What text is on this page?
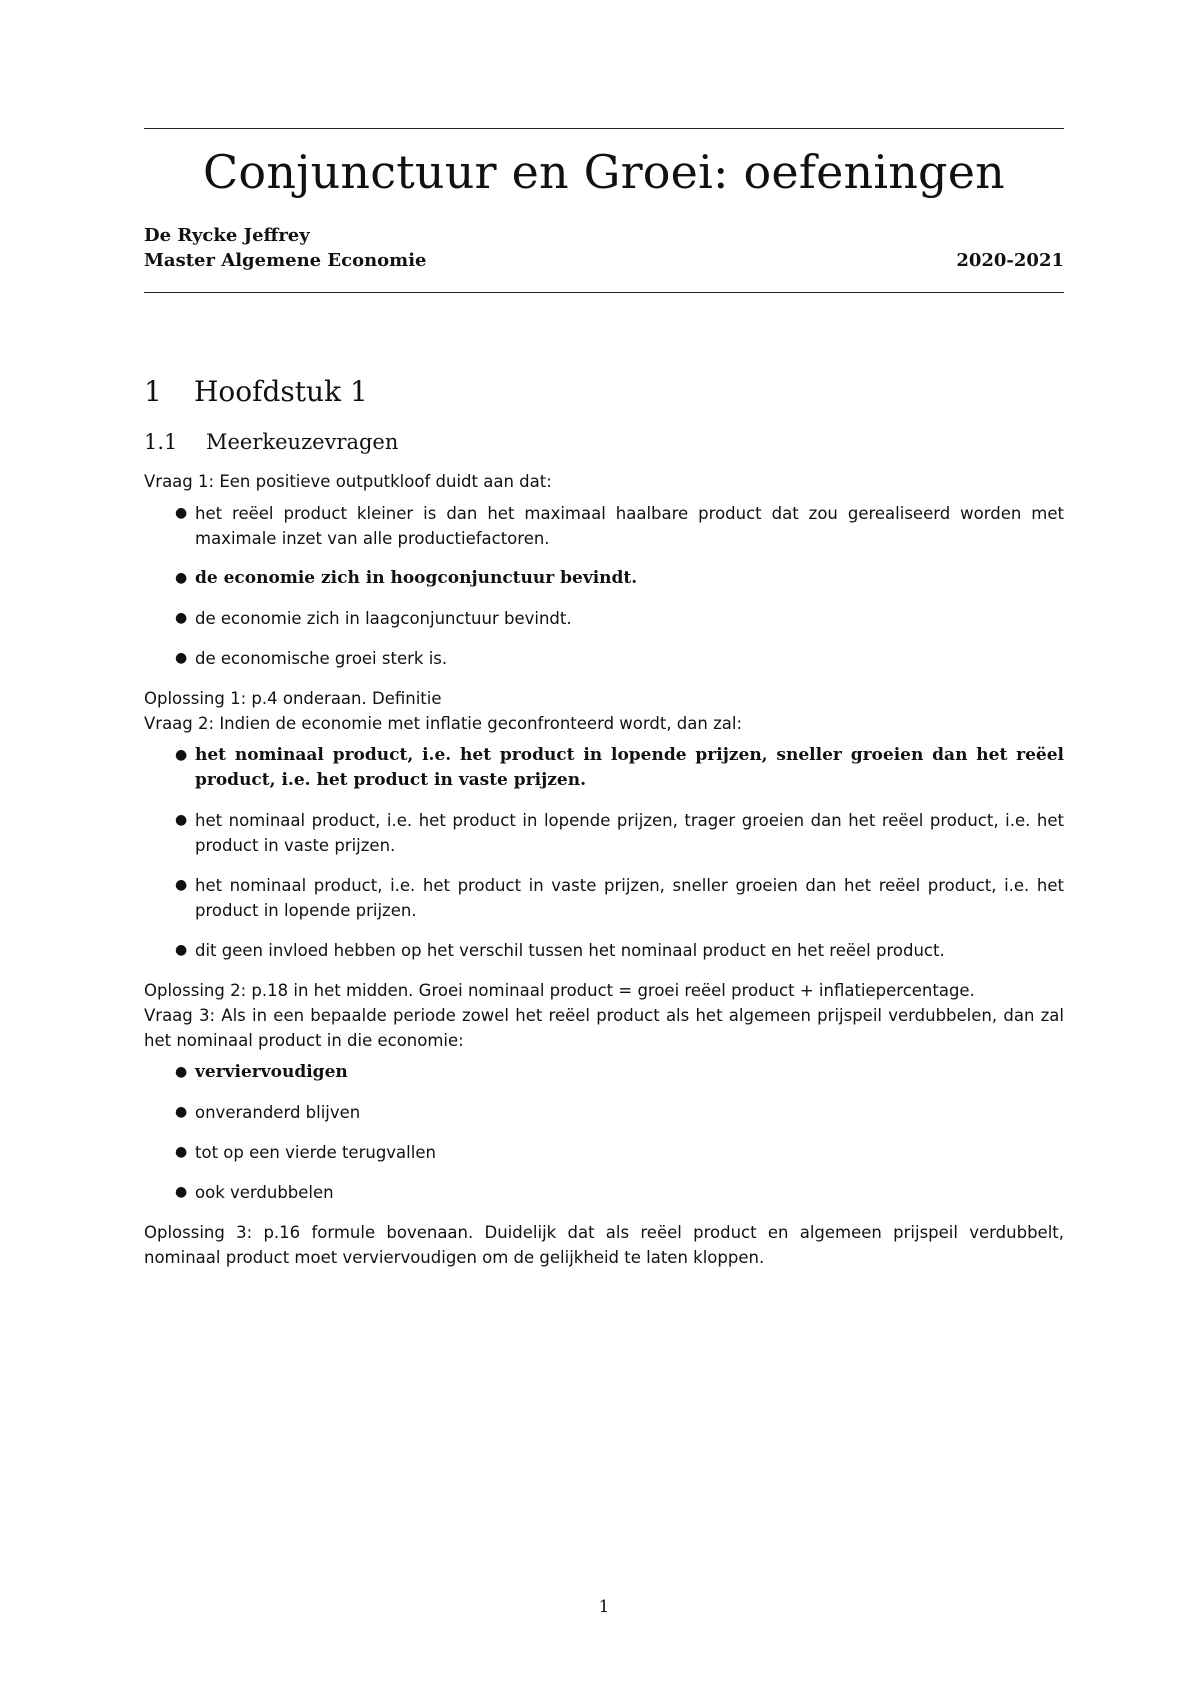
Conjunctuur en Groei: oefeningen
De Rycke Jeffrey
Master Algemene Economie	2020-2021
1 Hoofdstuk 1
1.1 Meerkeuzevragen

Vraag 1: Een positieve outputkloof duidt aan dat:

● het reëel product kleiner is dan het maximaal haalbare product dat zou gerealiseerd worden met maximale inzet van alle productiefactoren.
● de economie zich in hoogconjunctuur bevindt.
● de economie zich in laagconjunctuur bevindt.
● de economische groei sterk is.

Oplossing 1: p.4 onderaan. Definitie

Vraag 2: Indien de economie met inflatie geconfronteerd wordt, dan zal:

● het nominaal product, i.e. het product in lopende prijzen, sneller groeien dan het reëel product, i.e. het product in vaste prijzen.
● het nominaal product, i.e. het product in lopende prijzen, trager groeien dan het reëel product, i.e. het product in vaste prijzen.
● het nominaal product, i.e. het product in vaste prijzen, sneller groeien dan het reëel product, i.e. het product in lopende prijzen.
● dit geen invloed hebben op het verschil tussen het nominaal product en het reëel product.

Oplossing 2: p.18 in het midden. Groei nominaal product = groei reëel product + inflatiepercentage.

Vraag 3: Als in een bepaalde periode zowel het reëel product als het algemeen prijspeil verdubbelen, dan zal het nominaal product in die economie:

● verviervoudigen
● onveranderd blijven
● tot op een vierde terugvallen
● ook verdubbelen

Oplossing 3: p.16 formule bovenaan. Duidelijk dat als reëel product en algemeen prijspeil verdubbelt, nominaal product moet verviervoudigen om de gelijkheid te laten kloppen.

1
